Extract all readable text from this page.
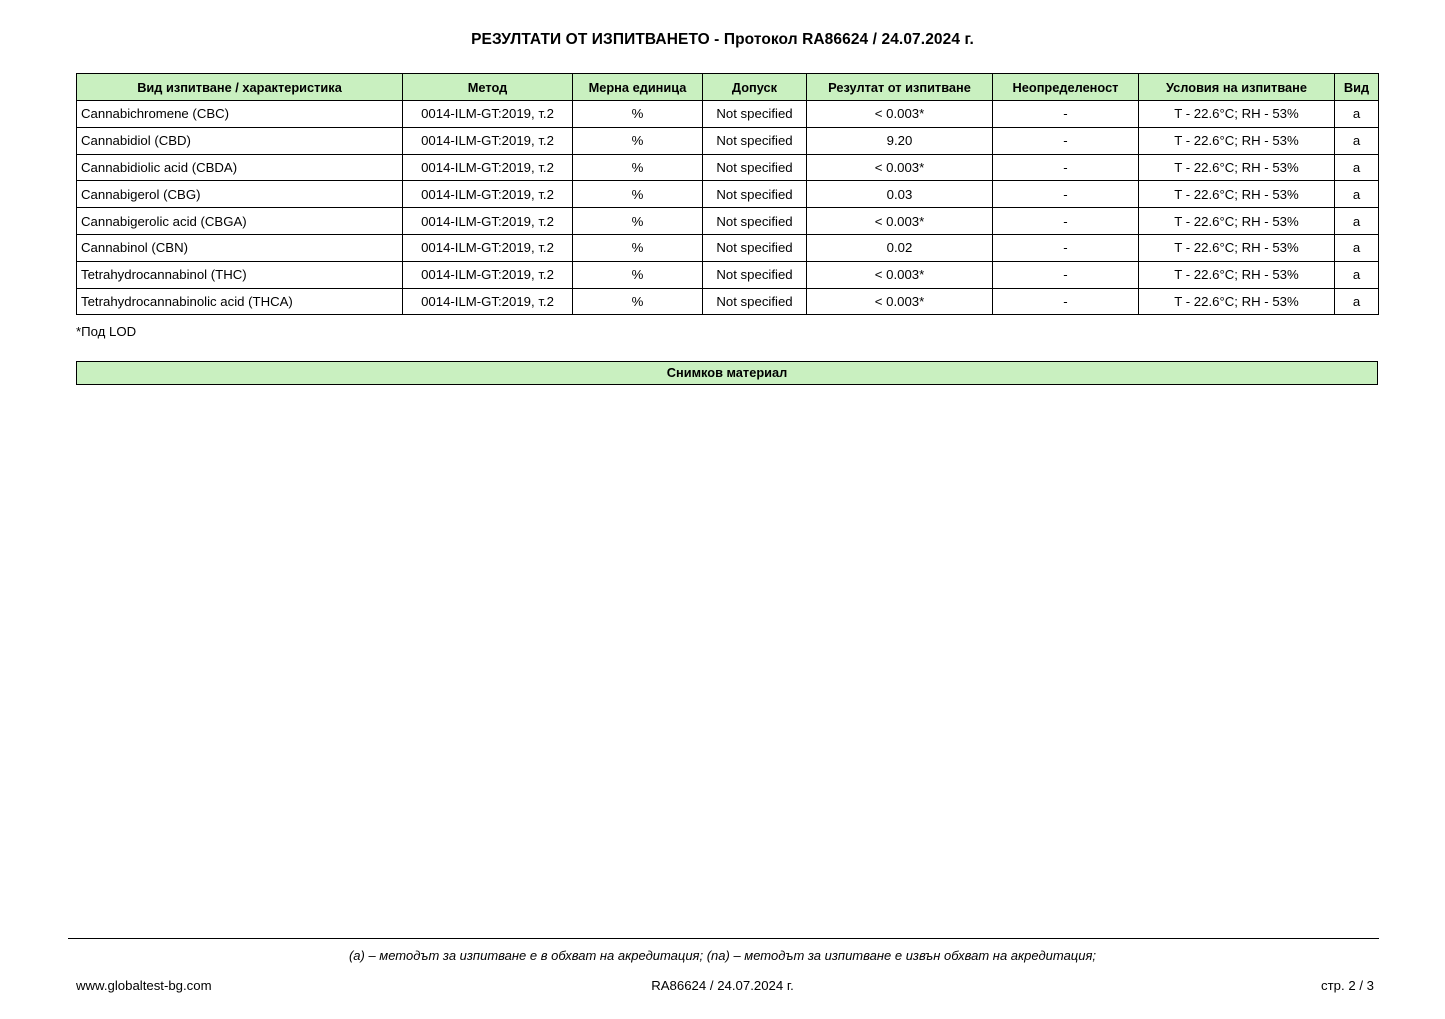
РЕЗУЛТАТИ ОТ ИЗПИТВАНЕТО - Протокол RA86624 / 24.07.2024 г.
Вид изпитване / характеристика	Метод	Мерна единица	Допуск	Резултат от изпитване	Неопределеност	Условия на изпитване	Вид
Cannabichromene (CBC)	0014-ILM-GT:2019, т.2	%	Not specified	< 0.003*	-	T - 22.6°C; RH - 53%	a
Cannabidiol (CBD)	0014-ILM-GT:2019, т.2	%	Not specified	9.20	-	T - 22.6°C; RH - 53%	a
Cannabidiolic acid (CBDA)	0014-ILM-GT:2019, т.2	%	Not specified	< 0.003*	-	T - 22.6°C; RH - 53%	a
Cannabigerol (CBG)	0014-ILM-GT:2019, т.2	%	Not specified	0.03	-	T - 22.6°C; RH - 53%	a
Cannabigerolic acid (CBGA)	0014-ILM-GT:2019, т.2	%	Not specified	< 0.003*	-	T - 22.6°C; RH - 53%	a
Cannabinol (CBN)	0014-ILM-GT:2019, т.2	%	Not specified	0.02	-	T - 22.6°C; RH - 53%	a
Tetrahydrocannabinol (THC)	0014-ILM-GT:2019, т.2	%	Not specified	< 0.003*	-	T - 22.6°C; RH - 53%	a
Tetrahydrocannabinolic acid (THCA)	0014-ILM-GT:2019, т.2	%	Not specified	< 0.003*	-	T - 22.6°C; RH - 53%	a
*Под LOD
Снимков материал
(a) – методът за изпитване е в обхват на акредитация; (na) – методът за изпитване е извън обхват на акредитация;
www.globaltest-bg.com	стр. 2 / 3
RA86624 / 24.07.2024 г.
